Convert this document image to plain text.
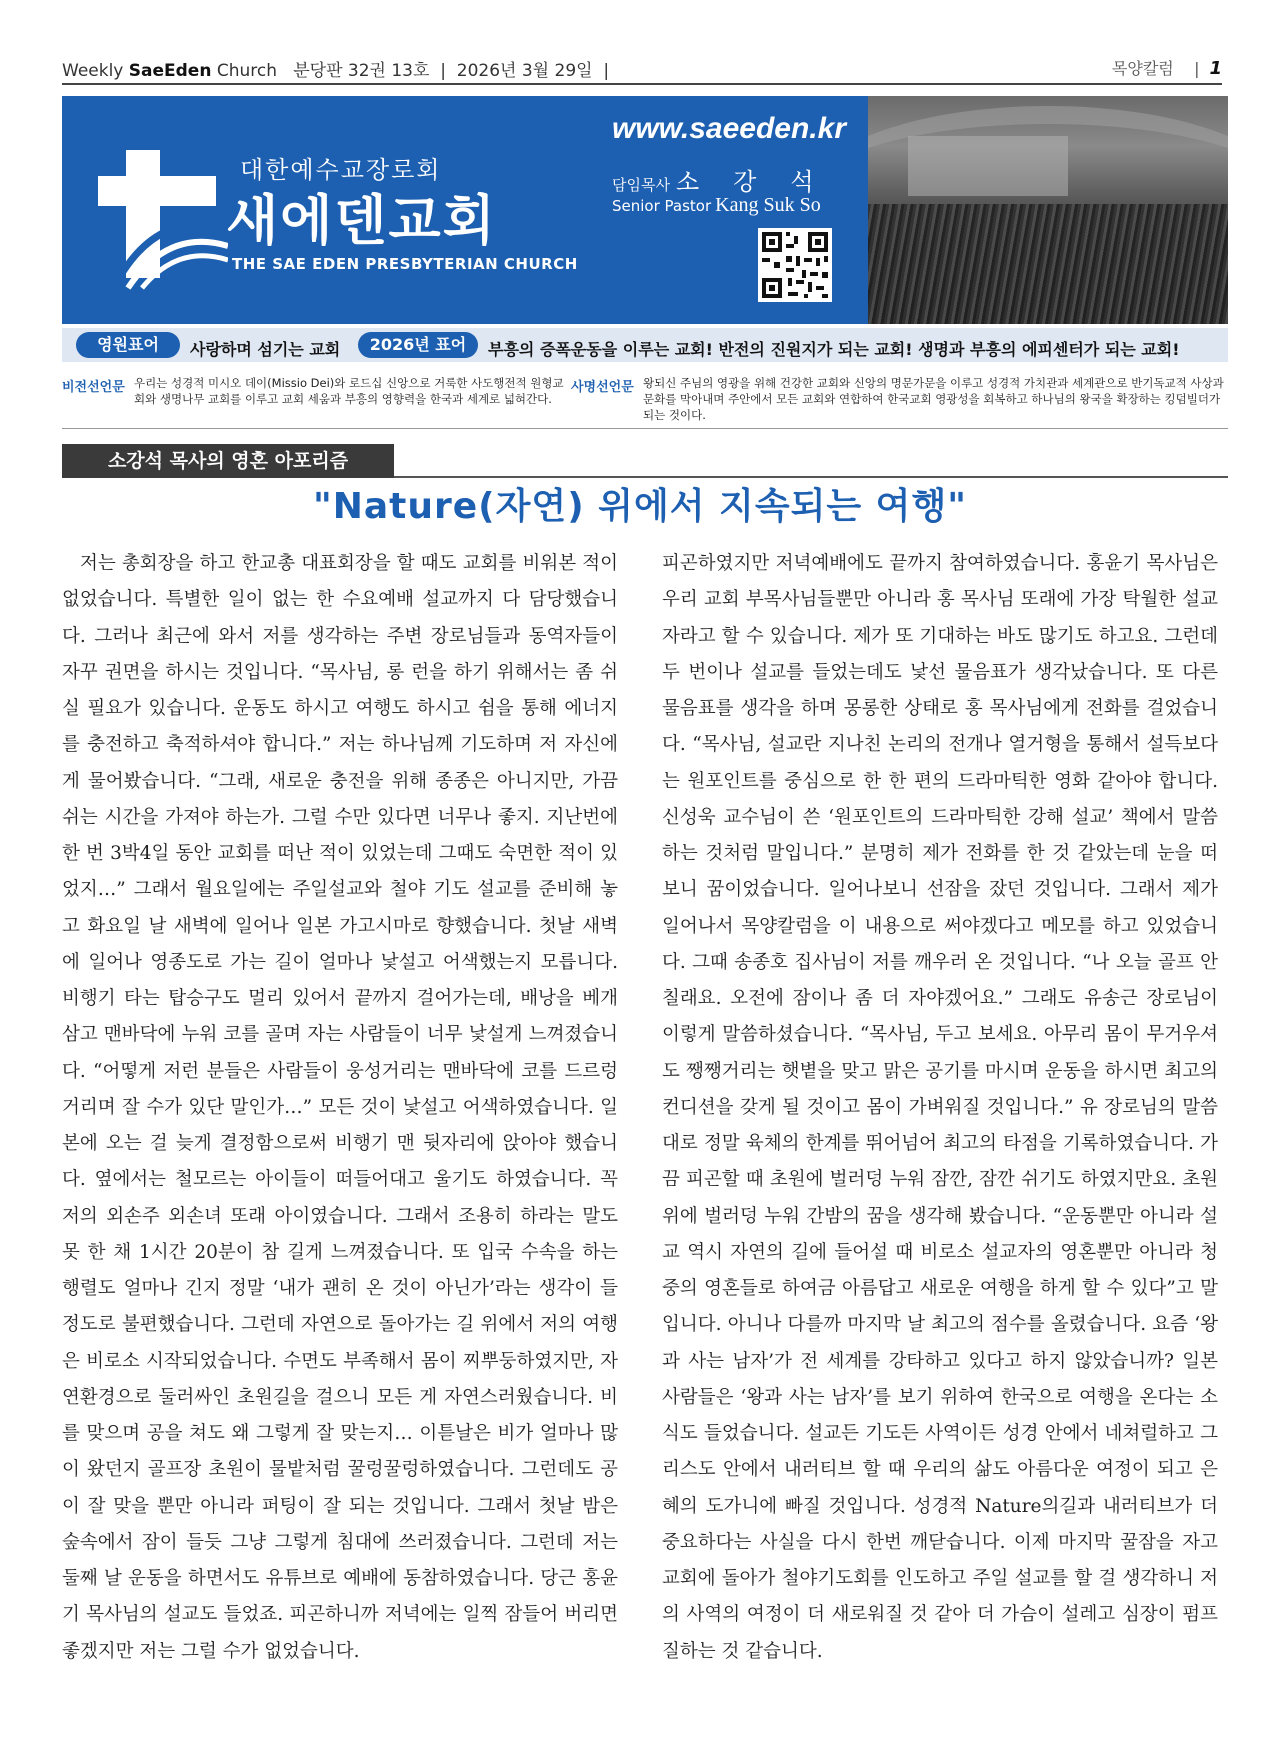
Weekly SaeEden Church 분당판 32권 13호 | 2026년 3월 29일 |	목양칼럼 | 1
대한예수교장로회
새에덴교회
THE SAE EDEN PRESBYTERIAN CHURCH
www.saeeden.kr
담임목사 소 강 석
Senior Pastor Kang Suk So
영원표어	사랑하며 섬기는 교회	2026년 표어	부흥의 증폭운동을 이루는 교회! 반전의 진원지가 되는 교회! 생명과 부흥의 에피센터가 되는 교회!
비전선언문 우리는 성경적 미시오 데이(Missio Dei)와 로드십 신앙으로 거룩한 사도행전적 원형교회와 생명나무 교회를 이루고 교회 세움과 부흥의 영향력을 한국과 세계로 넓혀간다.
사명선언문 왕되신 주님의 영광을 위해 건강한 교회와 신앙의 명문가문을 이루고 성경적 가치관과 세계관으로 반기독교적 사상과 문화를 막아내며 주안에서 모든 교회와 연합하여 한국교회 영광성을 회복하고 하나님의 왕국을 확장하는 킹덤빌더가 되는 것이다.
소강석 목사의 영혼 아포리즘
"Nature(자연) 위에서 지속되는 여행"

저는 총회장을 하고 한교총 대표회장을 할 때도 교회를 비워본 적이 없었습니다. 특별한 일이 없는 한 수요예배 설교까지 다 담당했습니다. 그러나 최근에 와서 저를 생각하는 주변 장로님들과 동역자들이 자꾸 권면을 하시는 것입니다. “목사님, 롱 런을 하기 위해서는 좀 쉬실 필요가 있습니다. 운동도 하시고 여행도 하시고 쉼을 통해 에너지를 충전하고 축적하셔야 합니다.” 저는 하나님께 기도하며 저 자신에게 물어봤습니다. “그래, 새로운 충전을 위해 종종은 아니지만, 가끔 쉬는 시간을 가져야 하는가. 그럴 수만 있다면 너무나 좋지. 지난번에 한 번 3박4일 동안 교회를 떠난 적이 있었는데 그때도 숙면한 적이 있었지…” 그래서 월요일에는 주일설교와 철야 기도 설교를 준비해 놓고 화요일 날 새벽에 일어나 일본 가고시마로 향했습니다. 첫날 새벽에 일어나 영종도로 가는 길이 얼마나 낯설고 어색했는지 모릅니다. 비행기 타는 탑승구도 멀리 있어서 끝까지 걸어가는데, 배낭을 베개 삼고 맨바닥에 누워 코를 골며 자는 사람들이 너무 낯설게 느껴졌습니다. “어떻게 저런 분들은 사람들이 웅성거리는 맨바닥에 코를 드르렁거리며 잘 수가 있단 말인가…” 모든 것이 낯설고 어색하였습니다. 일본에 오는 걸 늦게 결정함으로써 비행기 맨 뒷자리에 앉아야 했습니다. 옆에서는 철모르는 아이들이 떠들어대고 울기도 하였습니다. 꼭 저의 외손주 외손녀 또래 아이였습니다. 그래서 조용히 하라는 말도 못 한 채 1시간 20분이 참 길게 느껴졌습니다. 또 입국 수속을 하는 행렬도 얼마나 긴지 정말 ‘내가 괜히 온 것이 아닌가’라는 생각이 들 정도로 불편했습니다. 그런데 자연으로 돌아가는 길 위에서 저의 여행은 비로소 시작되었습니다. 수면도 부족해서 몸이 찌뿌둥하였지만, 자연환경으로 둘러싸인 초원길을 걸으니 모든 게 자연스러웠습니다. 비를 맞으며 공을 쳐도 왜 그렇게 잘 맞는지… 이튿날은 비가 얼마나 많이 왔던지 골프장 초원이 물밭처럼 꿀렁꿀렁하였습니다. 그런데도 공이 잘 맞을 뿐만 아니라 퍼팅이 잘 되는 것입니다. 그래서 첫날 밤은 숲속에서 잠이 들듯 그냥 그렇게 침대에 쓰러졌습니다. 그런데 저는 둘째 날 운동을 하면서도 유튜브로 예배에 동참하였습니다. 당근 홍윤기 목사님의 설교도 들었죠. 피곤하니까 저녁에는 일찍 잠들어 버리면 좋겠지만 저는 그럴 수가 없었습니다.

피곤하였지만 저녁예배에도 끝까지 참여하였습니다. 홍윤기 목사님은 우리 교회 부목사님들뿐만 아니라 홍 목사님 또래에 가장 탁월한 설교자라고 할 수 있습니다. 제가 또 기대하는 바도 많기도 하고요. 그런데 두 번이나 설교를 들었는데도 낯선 물음표가 생각났습니다. 또 다른 물음표를 생각을 하며 몽롱한 상태로 홍 목사님에게 전화를 걸었습니다. “목사님, 설교란 지나친 논리의 전개나 열거형을 통해서 설득보다는 원포인트를 중심으로 한 한 편의 드라마틱한 영화 같아야 합니다. 신성욱 교수님이 쓴 ‘원포인트의 드라마틱한 강해 설교’ 책에서 말씀하는 것처럼 말입니다.” 분명히 제가 전화를 한 것 같았는데 눈을 떠보니 꿈이었습니다. 일어나보니 선잠을 잤던 것입니다. 그래서 제가 일어나서 목양칼럼을 이 내용으로 써야겠다고 메모를 하고 있었습니다. 그때 송종호 집사님이 저를 깨우러 온 것입니다. “나 오늘 골프 안 칠래요. 오전에 잠이나 좀 더 자야겠어요.” 그래도 유송근 장로님이 이렇게 말씀하셨습니다. “목사님, 두고 보세요. 아무리 몸이 무거우셔도 쨍쨍거리는 햇볕을 맞고 맑은 공기를 마시며 운동을 하시면 최고의 컨디션을 갖게 될 것이고 몸이 가벼워질 것입니다.” 유 장로님의 말씀대로 정말 육체의 한계를 뛰어넘어 최고의 타점을 기록하였습니다. 가끔 피곤할 때 초원에 벌러덩 누워 잠깐, 잠깐 쉬기도 하였지만요. 초원 위에 벌러덩 누워 간밤의 꿈을 생각해 봤습니다. “운동뿐만 아니라 설교 역시 자연의 길에 들어설 때 비로소 설교자의 영혼뿐만 아니라 청중의 영혼들로 하여금 아름답고 새로운 여행을 하게 할 수 있다”고 말입니다. 아니나 다를까 마지막 날 최고의 점수를 올렸습니다. 요즘 ‘왕과 사는 남자’가 전 세계를 강타하고 있다고 하지 않았습니까? 일본 사람들은 ‘왕과 사는 남자’를 보기 위하여 한국으로 여행을 온다는 소식도 들었습니다. 설교든 기도든 사역이든 성경 안에서 네쳐럴하고 그리스도 안에서 내러티브 할 때 우리의 삶도 아름다운 여정이 되고 은혜의 도가니에 빠질 것입니다. 성경적 Nature의길과 내러티브가 더 중요하다는 사실을 다시 한번 깨닫습니다. 이제 마지막 꿀잠을 자고 교회에 돌아가 철야기도회를 인도하고 주일 설교를 할 걸 생각하니 저의 사역의 여정이 더 새로워질 것 같아 더 가슴이 설레고 심장이 펌프질하는 것 같습니다.
